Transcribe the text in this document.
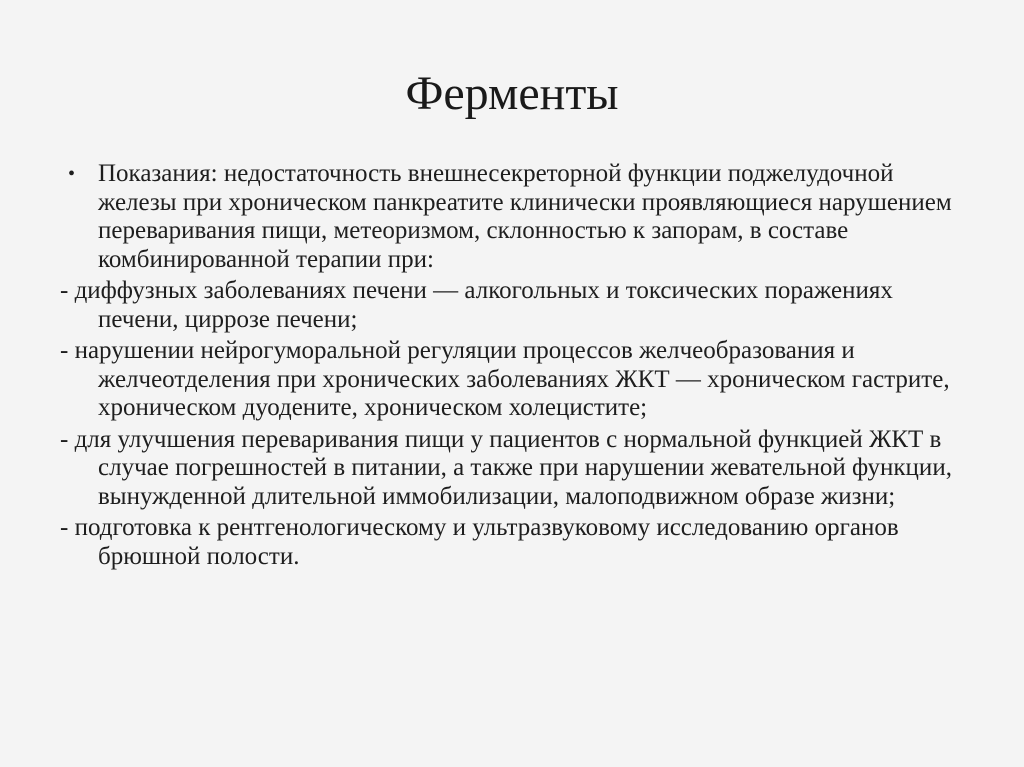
Ферменты

• Показания: недостаточность внешнесекреторной функции поджелудочной железы при хроническом панкреатите клинически проявляющиеся нарушением переваривания пищи, метеоризмом, склонностью к запорам, в составе комбинированной терапии при:

- диффузных заболеваниях печени — алкогольных и токсических поражениях печени, циррозе печени;

- нарушении нейрогуморальной регуляции процессов желчеобразования и желчеотделения при хронических заболеваниях ЖКТ — хроническом гастрите, хроническом дуодените, хроническом холецистите;

- для улучшения переваривания пищи у пациентов с нормальной функцией ЖКТ в случае погрешностей в питании, а также при нарушении жевательной функции, вынужденной длительной иммобилизации, малоподвижном образе жизни;

- подготовка к рентгенологическому и ультразвуковому исследованию органов брюшной полости.
